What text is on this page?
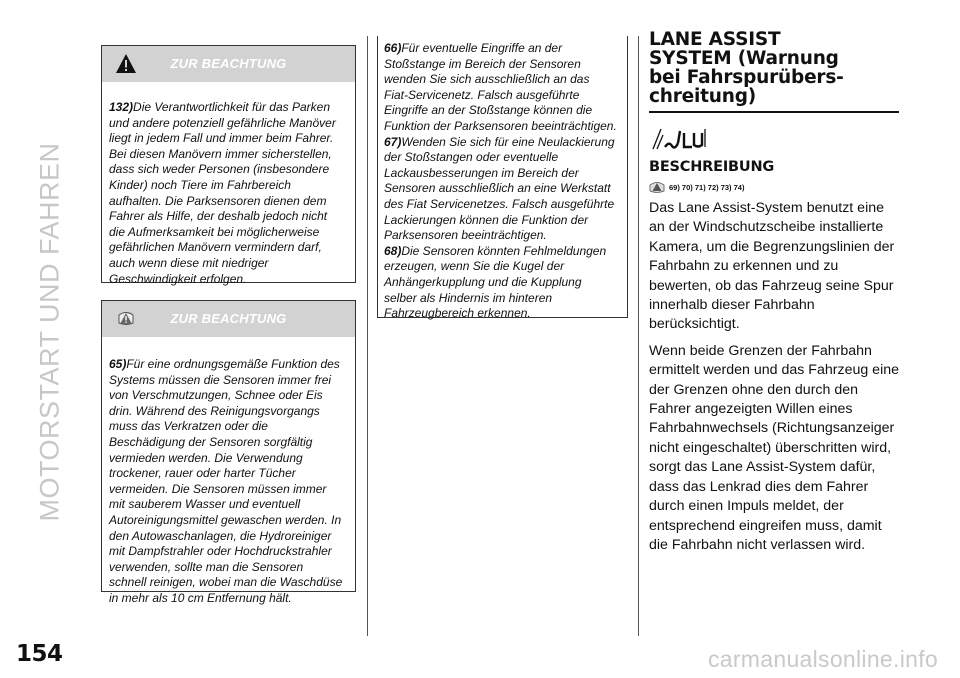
MOTORSTART UND FAHREN
ZUR BEACHTUNG
132)Die Verantwortlichkeit für das Parken
und andere potenziell gefährliche Manöver
liegt in jedem Fall und immer beim Fahrer.
Bei diesen Manövern immer sicherstellen,
dass sich weder Personen (insbesondere
Kinder) noch Tiere im Fahrbereich
aufhalten. Die Parksensoren dienen dem
Fahrer als Hilfe, der deshalb jedoch nicht
die Aufmerksamkeit bei möglicherweise
gefährlichen Manövern vermindern darf,
auch wenn diese mit niedriger
Geschwindigkeit erfolgen.
ZUR BEACHTUNG
65)Für eine ordnungsgemäße Funktion des
Systems müssen die Sensoren immer frei
von Verschmutzungen, Schnee oder Eis
drin. Während des Reinigungsvorgangs
muss das Verkratzen oder die
Beschädigung der Sensoren sorgfältig
vermieden werden. Die Verwendung
trockener, rauer oder harter Tücher
vermeiden. Die Sensoren müssen immer
mit sauberem Wasser und eventuell
Autoreinigungsmittel gewaschen werden. In
den Autowaschanlagen, die Hydroreiniger
mit Dampfstrahler oder Hochdruckstrahler
verwenden, sollte man die Sensoren
schnell reinigen, wobei man die Waschdüse
in mehr als 10 cm Entfernung hält.
66)Für eventuelle Eingriffe an der
Stoßstange im Bereich der Sensoren
wenden Sie sich ausschließlich an das
Fiat-Servicenetz. Falsch ausgeführte
Eingriffe an der Stoßstange können die
Funktion der Parksensoren beeinträchtigen.
67)Wenden Sie sich für eine Neulackierung
der Stoßstangen oder eventuelle
Lackausbesserungen im Bereich der
Sensoren ausschließlich an eine Werkstatt
des Fiat Servicenetzes. Falsch ausgeführte
Lackierungen können die Funktion der
Parksensoren beeinträchtigen.
68)Die Sensoren könnten Fehlmeldungen
erzeugen, wenn Sie die Kugel der
Anhängerkupplung und die Kupplung
selber als Hindernis im hinteren
Fahrzeugbereich erkennen.
LANE ASSIST
SYSTEM (Warnung
bei Fahrspurübers-
chreitung)
BESCHREIBUNG
69) 70) 71) 72) 73) 74)

Das Lane Assist-System benutzt eine an der Windschutzscheibe installierte Kamera, um die Begrenzungslinien der Fahrbahn zu erkennen und zu bewerten, ob das Fahrzeug seine Spur innerhalb dieser Fahrbahn berücksichtigt.

Wenn beide Grenzen der Fahrbahn ermittelt werden und das Fahrzeug eine der Grenzen ohne den durch den Fahrer angezeigten Willen eines Fahrbahnwechsels (Richtungsanzeiger nicht eingeschaltet) überschritten wird, sorgt das Lane Assist-System dafür, dass das Lenkrad dies dem Fahrer durch einen Impuls meldet, der entsprechend eingreifen muss, damit die Fahrbahn nicht verlassen wird.

154	carmanualsonline.info
